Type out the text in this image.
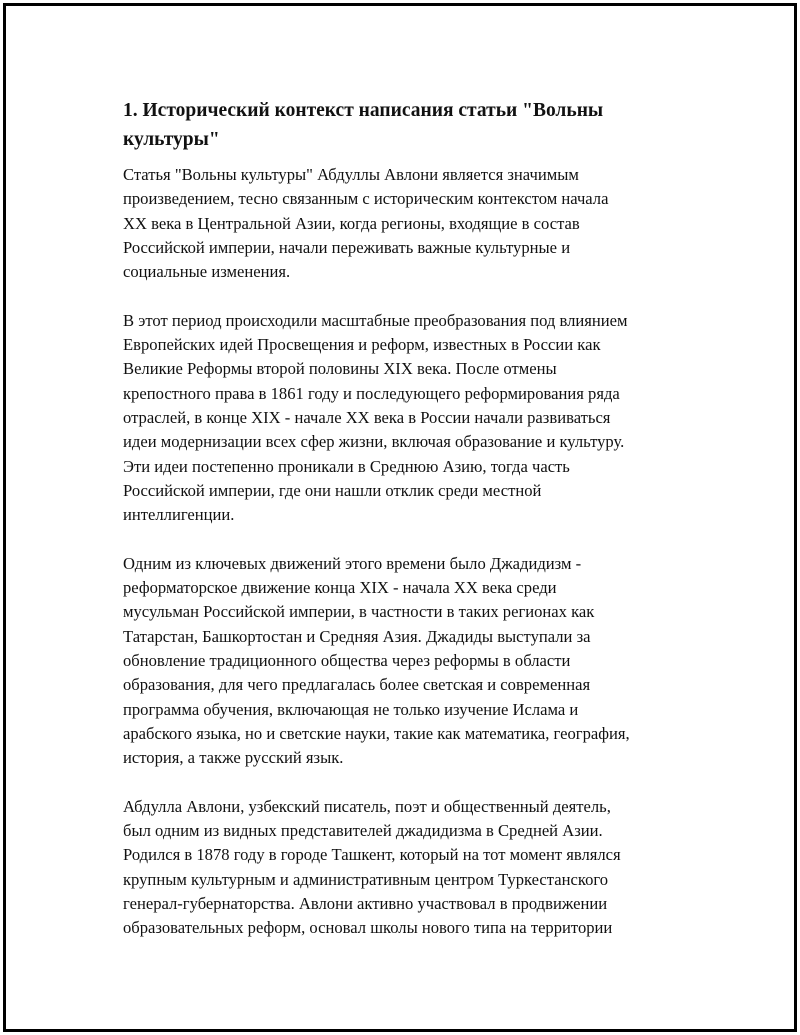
1. Исторический контекст написания статьи "Вольны
культуры"
Статья "Вольны культуры" Абдуллы Авлони является значимым
произведением, тесно связанным с историческим контекстом начала
XX века в Центральной Азии, когда регионы, входящие в состав
Российской империи, начали переживать важные культурные и
социальные изменения.
В этот период происходили масштабные преобразования под влиянием
Европейских идей Просвещения и реформ, известных в России как
Великие Реформы второй половины XIX века. После отмены
крепостного права в 1861 году и последующего реформирования ряда
отраслей, в конце XIX - начале XX века в России начали развиваться
идеи модернизации всех сфер жизни, включая образование и культуру.
Эти идеи постепенно проникали в Среднюю Азию, тогда часть
Российской империи, где они нашли отклик среди местной
интеллигенции.
Одним из ключевых движений этого времени было Джадидизм -
реформаторское движение конца XIX - начала XX века среди
мусульман Российской империи, в частности в таких регионах как
Татарстан, Башкортостан и Средняя Азия. Джадиды выступали за
обновление традиционного общества через реформы в области
образования, для чего предлагалась более светская и современная
программа обучения, включающая не только изучение Ислама и
арабского языка, но и светские науки, такие как математика, география,
история, а также русский язык.
Абдулла Авлони, узбекский писатель, поэт и общественный деятель,
был одним из видных представителей джадидизма в Средней Азии.
Родился в 1878 году в городе Ташкент, который на тот момент являлся
крупным культурным и административным центром Туркестанского
генерал-губернаторства. Авлони активно участвовал в продвижении
образовательных реформ, основал школы нового типа на территории
